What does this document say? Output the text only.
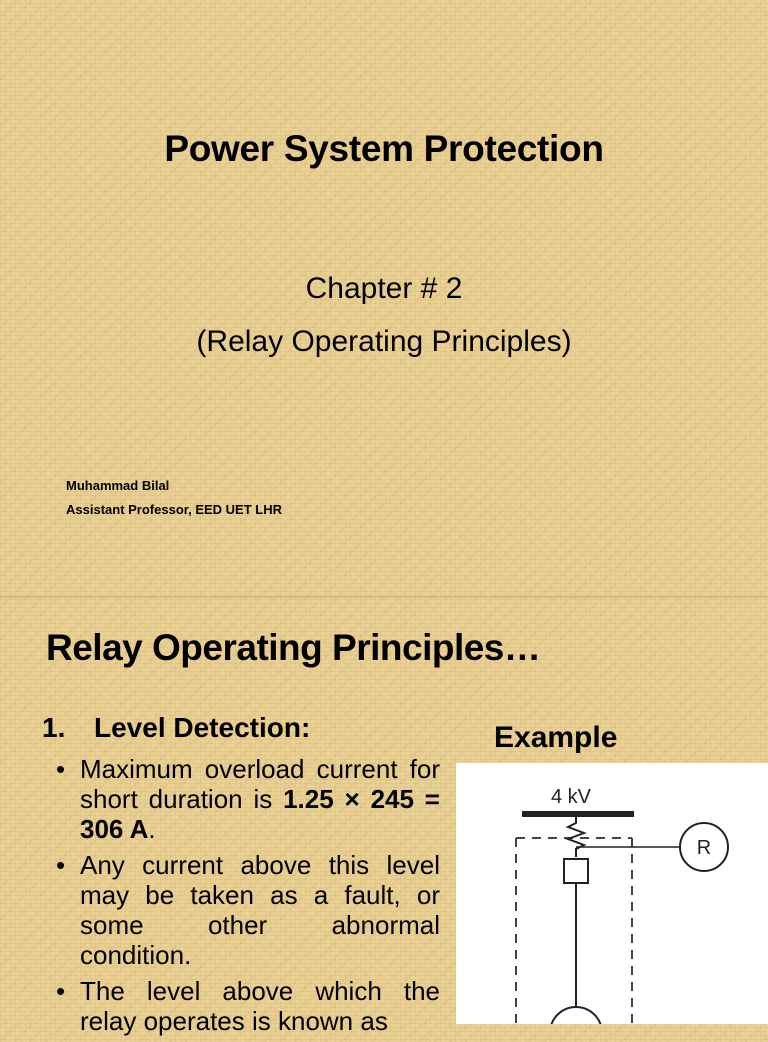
Power System Protection
Chapter # 2
(Relay Operating Principles)
Muhammad Bilal
Assistant Professor, EED UET LHR
Relay Operating Principles…
1. Level Detection:	Example
• Maximum overload current for short duration is 1.25 × 245 = 306 A.
• Any current above this level may be taken as a fault, or some other abnormal condition.
• The level above which the relay operates is known as
4 kV
R
